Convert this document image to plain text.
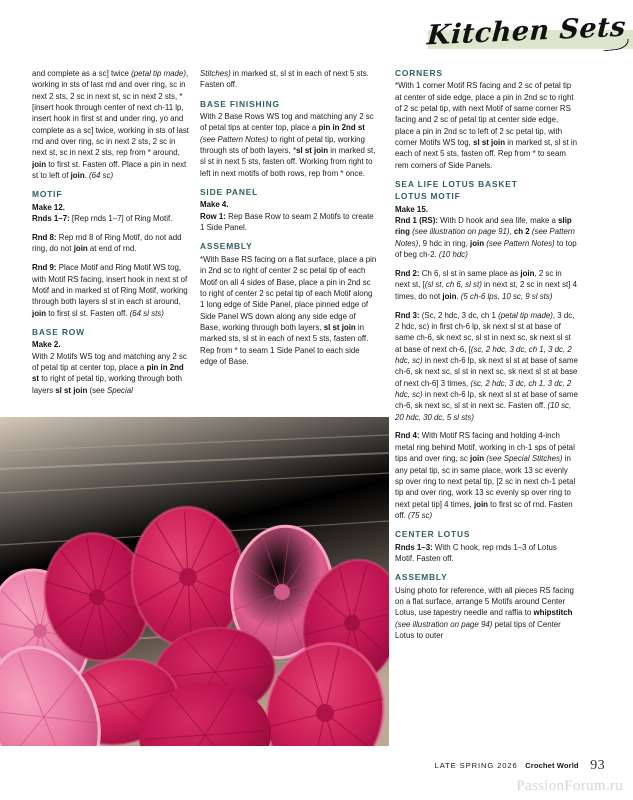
Kitchen Sets

and complete as a sc] twice (petal tip made), working in sts of last rnd and over ring, sc in next 2 sts, 2 sc in next st, sc in next 2 sts, *[insert hook through center of next ch-11 lp, insert hook in first st and under ring, yo and complete as a sc] twice, working in sts of last rnd and over ring, sc in next 2 sts, 2 sc in next st, sc in next 2 sts, rep from * around, join to first st. Fasten off. Place a pin in next st to left of join. (64 sc)

MOTIF

Make 12.

Rnds 1–7: [Rep rnds 1–7] of Ring Motif.

Rnd 8: Rep rnd 8 of Ring Motif, do not add ring, do not join at end of rnd.

Rnd 9: Place Motif and Ring Motif WS tog, with Motif RS facing, insert hook in next st of Motif and in marked st of Ring Motif, working through both layers sl st in each st around, join to first sl st. Fasten off. (64 sl sts)

BASE ROW

Make 2.

With 2 Motifs WS tog and matching any 2 sc of petal tip at center top, place a pin in 2nd st to right of petal tip, working through both layers sl st join (see Special

Stitches) in marked st, sl st in each of next 5 sts. Fasten off.

BASE FINISHING

With 2 Base Rows WS tog and matching any 2 sc of petal tips at center top, place a pin in 2nd st (see Pattern Notes) to right of petal tip, working through sts of both layers, *sl st join in marked st, sl st in next 5 sts, fasten off. Working from right to left in next motifs of both rows, rep from * once.

SIDE PANEL

Make 4.

Row 1: Rep Base Row to seam 2 Motifs to create 1 Side Panel.

ASSEMBLY

*With Base RS facing on a flat surface, place a pin in 2nd sc to right of center 2 sc petal tip of each Motif on all 4 sides of Base, place a pin in 2nd sc to right of center 2 sc petal tip of each Motif along 1 long edge of Side Panel, place pinned edge of Side Panel WS down along any side edge of Base, working through both layers, sl st join in marked sts, sl st in each of next 5 sts, fasten off. Rep from * to seam 1 Side Panel to each side edge of Base.

CORNERS

*With 1 corner Motif RS facing and 2 sc of petal tip at center of side edge, place a pin in 2nd sc to right of 2 sc petal tip, with next Motif of same corner RS facing and 2 sc of petal tip at center side edge, place a pin in 2nd sc to left of 2 sc petal tip, with corner Motifs WS tog, sl st join in marked st, sl st in each of next 5 sts, fasten off. Rep from * to seam rem corners of Side Panels.

SEA LIFE LOTUS BASKET
LOTUS MOTIF

Make 15.

Rnd 1 (RS): With D hook and sea life, make a slip ring (see illustration on page 91), ch 2 (see Pattern Notes), 9 hdc in ring, join (see Pattern Notes) to top of beg ch-2. (10 hdc)

Rnd 2: Ch 6, sl st in same place as join, 2 sc in next st, [(sl st, ch 6, sl st) in next st, 2 sc in next st] 4 times, do not join. (5 ch-6 lps, 10 sc, 9 sl sts)

Rnd 3: (Sc, 2 hdc, 3 dc, ch 1 (petal tip made), 3 dc, 2 hdc, sc) in first ch-6 lp, sk next sl st at base of same ch-6, sk next sc, sl st in next sc, sk next sl st at base of next ch-6, [(sc, 2 hdc, 3 dc, ch 1, 3 dc, 2 hdc, sc) in next ch-6 lp, sk next sl st at base of same ch-6, sk next sc, sl st in next sc, sk next sl st at base of next ch-6] 3 times, (sc, 2 hdc, 3 dc, ch 1, 3 dc, 2 hdc, sc) in next ch-6 lp, sk next sl st at base of same ch-6, sk next sc, sl st in next sc. Fasten off. (10 sc, 20 hdc, 30 dc, 5 sl sts)

Rnd 4: With Motif RS facing and holding 4-inch metal ring behind Motif, working in ch-1 sps of petal tips and over ring, sc join (see Special Stitches) in any petal tip, sc in same place, work 13 sc evenly sp over ring to next petal tip, [2 sc in next ch-1 petal tip and over ring, work 13 sc evenly sp over ring to next petal tip] 4 times, join to first sc of rnd. Fasten off. (75 sc)

CENTER LOTUS

Rnds 1–3: With C hook, rep rnds 1–3 of Lotus Motif. Fasten off.

ASSEMBLY

Using photo for reference, with all pieces RS facing on a flat surface, arrange 5 Motifs around Center Lotus, use tapestry needle and raffia to whipstitch (see illustration on page 94) petal tips of Center Lotus to outer

LATE SPRING 2026 Crochet World 93
PassionForum.ru
